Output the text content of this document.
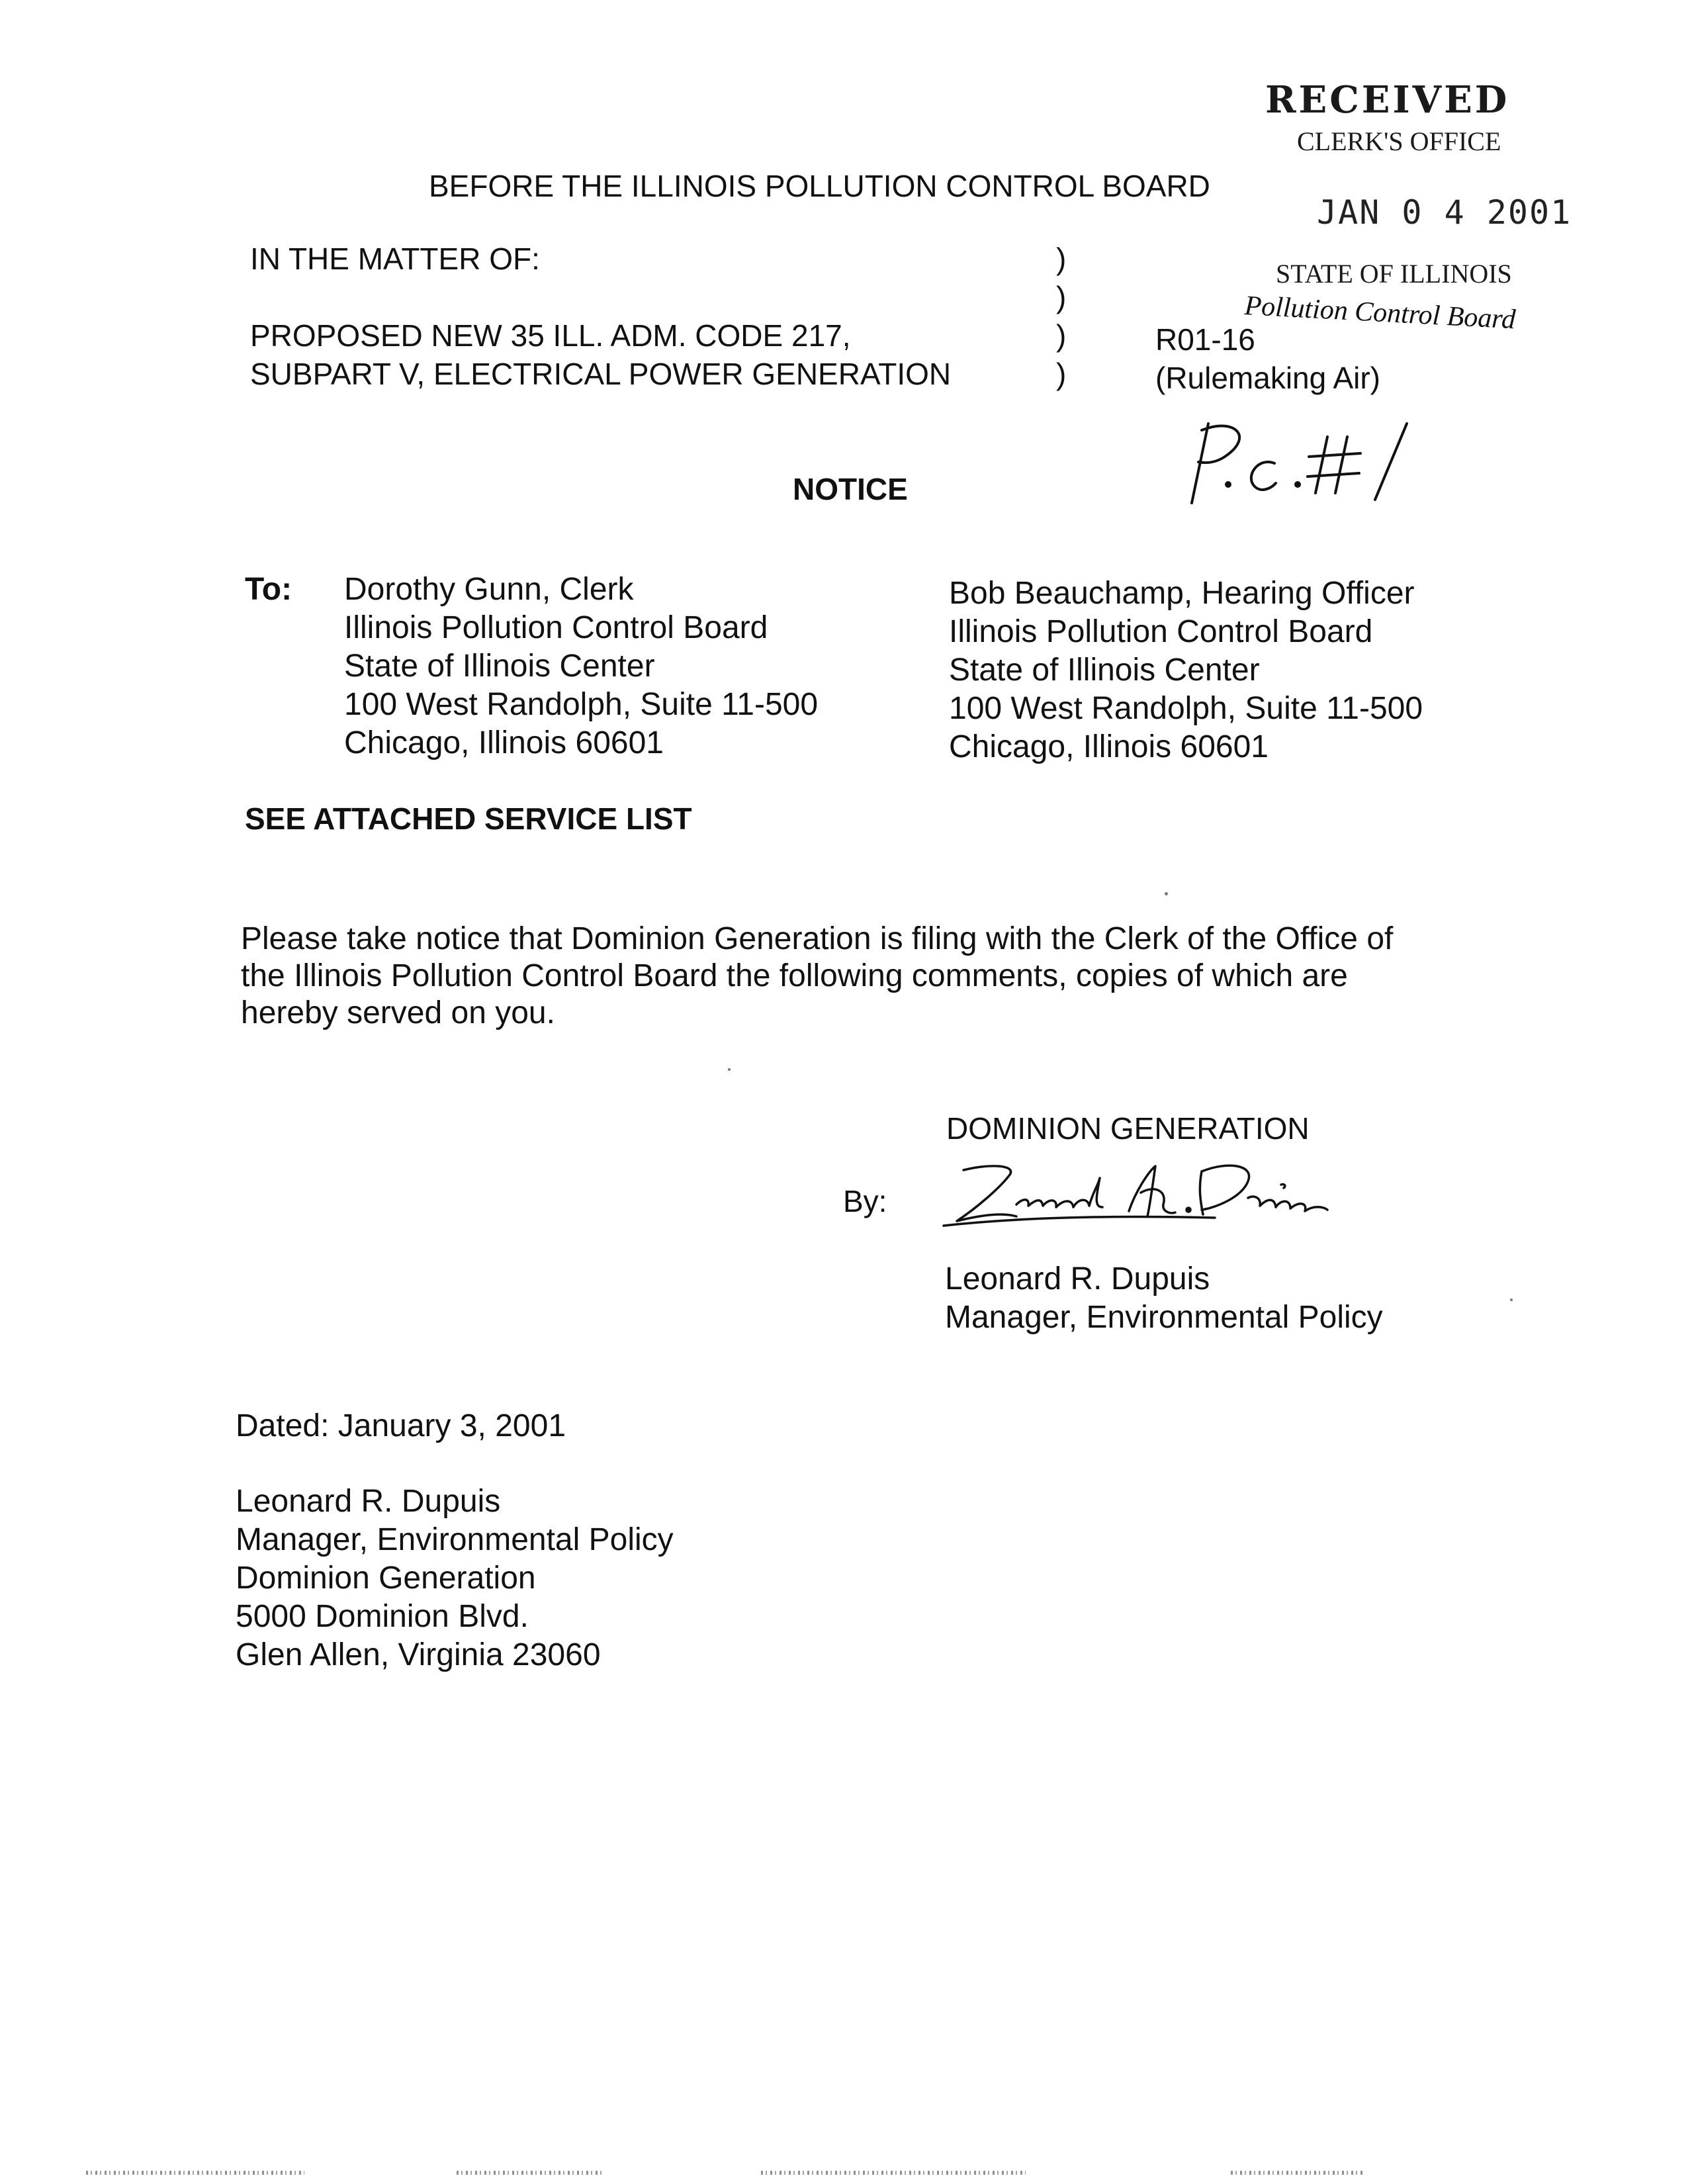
RECEIVED
CLERK'S OFFICE
JAN 0 4 2001
STATE OF ILLINOIS
Pollution Control Board
BEFORE THE ILLINOIS POLLUTION CONTROL BOARD
IN THE MATTER OF:
PROPOSED NEW 35 ILL. ADM. CODE 217,
SUBPART V, ELECTRICAL POWER GENERATION
)
)
)
)
R01-16
(Rulemaking Air)
NOTICE
To: Dorothy Gunn, Clerk
Illinois Pollution Control Board
State of Illinois Center
100 West Randolph, Suite 11-500
Chicago, Illinois 60601
Bob Beauchamp, Hearing Officer
Illinois Pollution Control Board
State of Illinois Center
100 West Randolph, Suite 11-500
Chicago, Illinois 60601
SEE ATTACHED SERVICE LIST
Please take notice that Dominion Generation is filing with the Clerk of the Office of
the Illinois Pollution Control Board the following comments, copies of which are
hereby served on you.
DOMINION GENERATION
By:
Leonard R. Dupuis
Manager, Environmental Policy
Dated: January 3, 2001
Leonard R. Dupuis
Manager, Environmental Policy
Dominion Generation
5000 Dominion Blvd.
Glen Allen, Virginia 23060
